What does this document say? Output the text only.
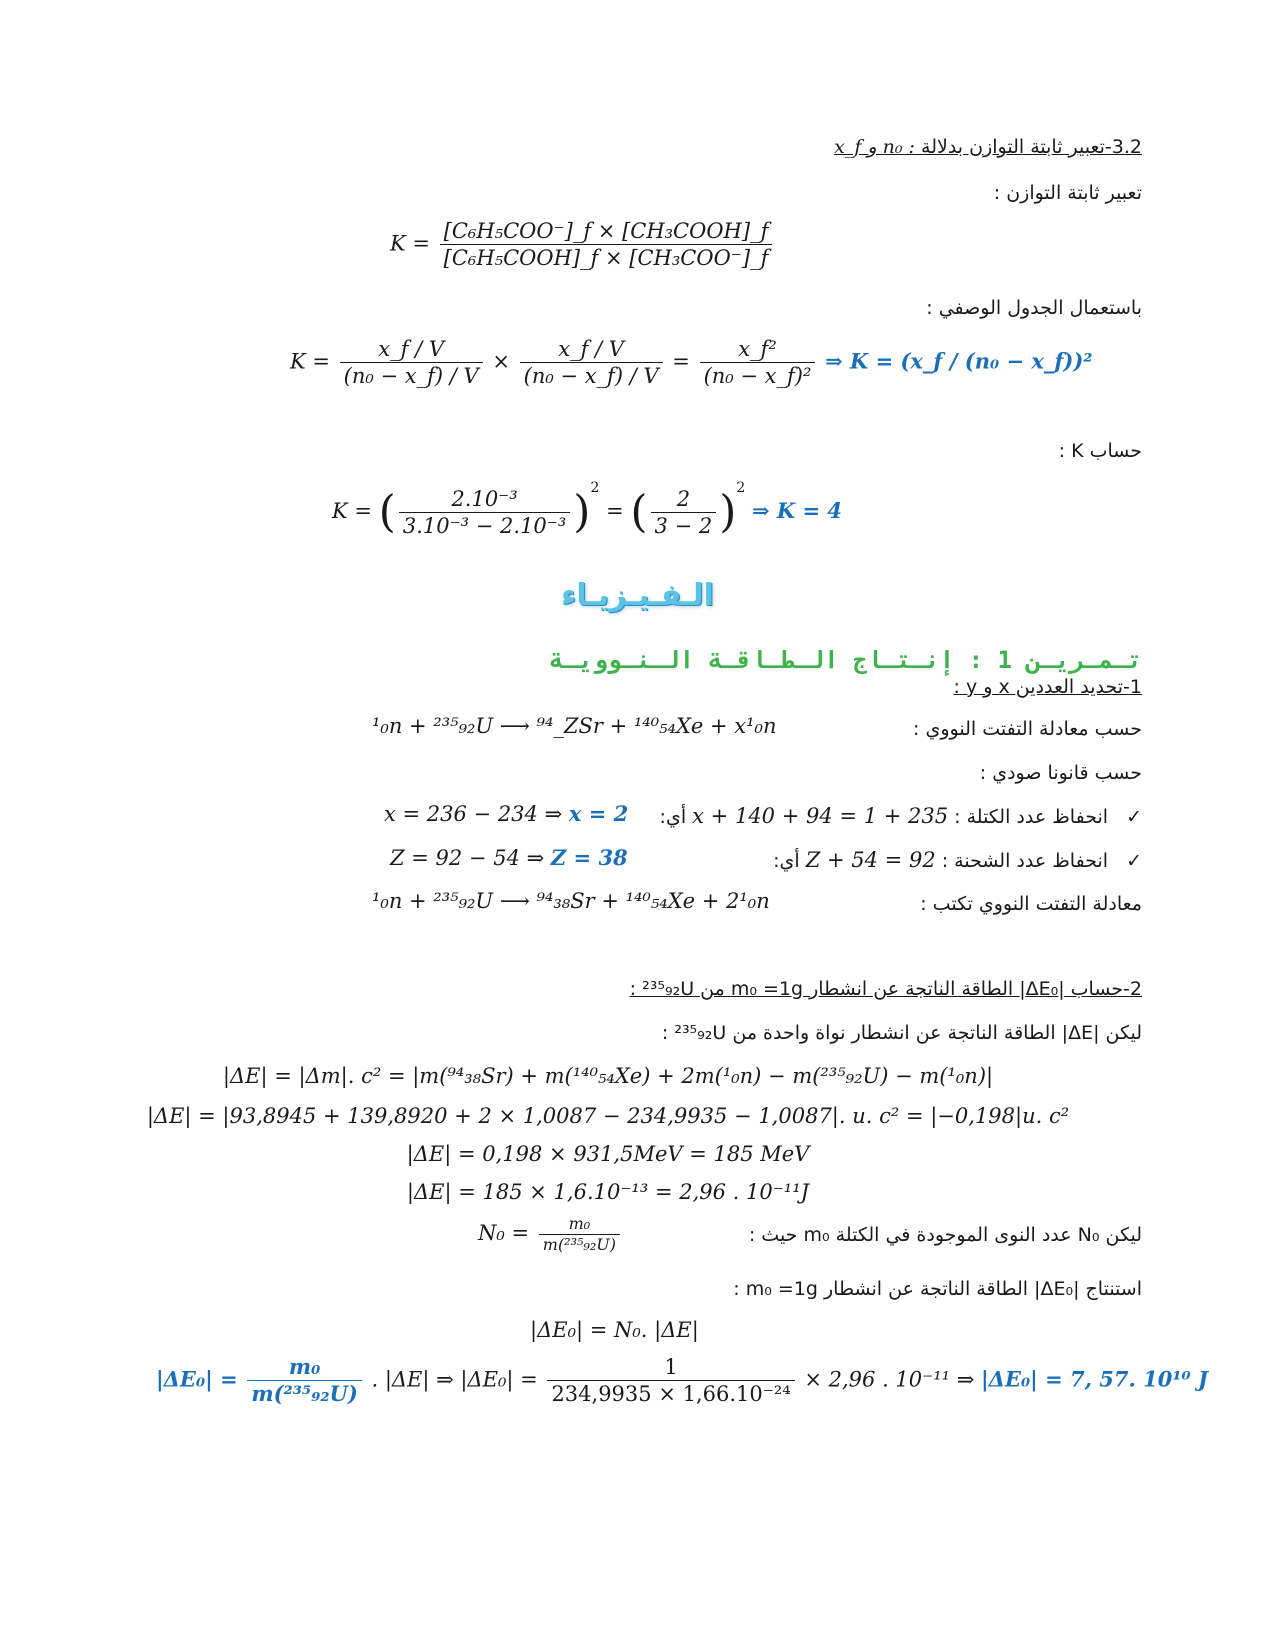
3.2-تعبير ثابتة التوازن بدلالة : n₀ و x_f
تعبير ثابتة التوازن :
$K = \frac{\text{[C₆H₅COO⁻]\_f × [CH₃COOH]\_f}}{\text{[C₆H₅COOH]\_f × [CH₃COO⁻]\_f}}$
باستعمال الجدول الوصفي :
$K = \frac{x\_f / V}{\text{(n₀ − x\_f) / V}} \times \frac{x\_f / V}{\text{(n₀ − x\_f) / V}} = \frac{\text{x\_f²}}{\text{(n₀ − x\_f)²}}$ ⇒ K = (x_f / (n₀ − x_f))²
حساب K :
K = ( $\frac{\text{2.10⁻³}}{\text{3.10⁻³ − 2.10⁻³}} )^2$ = ( $\frac{2}{3 - 2} )^2$ ⇒ K = 4
الـفـيـزيـاء
تـمـريـن 1 : إنـتـاج الـطـاقـة الـنـوويـة
1-تحديد العددين x و y :
حسب معادلة التفتت النووي :
¹₀n + ²³⁵₉₂U ⟶ ⁹⁴_ZSr + ¹⁴⁰₅₄Xe + x¹₀n
حسب قانونا صودي :
✓ انحفاظ عدد الكتلة : 235 + 1 = 94 + 140 + x أي:
x = 236 − 234 ⇒ x = 2
✓ انحفاظ عدد الشحنة : 92 = Z + 54 أي:
Z = 92 − 54 ⇒ Z = 38
معادلة التفتت النووي تكتب :
¹₀n + ²³⁵₉₂U ⟶ ⁹⁴₃₈Sr + ¹⁴⁰₅₄Xe + 2¹₀n
2-حساب |ΔE₀| الطاقة الناتجة عن انشطار m₀ =1g من ²³⁵₉₂U :
ليكن |ΔE| الطاقة الناتجة عن انشطار نواة واحدة من ²³⁵₉₂U :
|ΔE| = |Δm|. c² = |m(⁹⁴₃₈Sr) + m(¹⁴⁰₅₄Xe) + 2m(¹₀n) − m(²³⁵₉₂U) − m(¹₀n)|
|ΔE| = |93,8945 + 139,8920 + 2 × 1,0087 − 234,9935 − 1,0087|. u. c² = |−0,198|u. c²
|ΔE| = 0,198 × 931,5MeV = 185 MeV
|ΔE| = 185 × 1,6.10⁻¹³ = 2,96 . 10⁻¹¹J
ليكن N₀ عدد النوى الموجودة في الكتلة m₀ حيث :
$N_0 = \frac{\text{m₀}}{\text{m(²³⁵₉₂U)}}$
استنتاج |ΔE₀| الطاقة الناتجة عن انشطار m₀ =1g :
|ΔE₀| = N₀. |ΔE|
$|\Delta E_0| = \frac{\text{m₀}}{\text{m(²³⁵₉₂U)}}$ . |ΔE| ⇒ $|\Delta E_0| = \frac{1}{\text{234,9935 × 1,66.10⁻²⁴}} \times 2,96$ . 10⁻¹¹ ⇒ |ΔE₀| = 7, 57. 10¹⁰ J
